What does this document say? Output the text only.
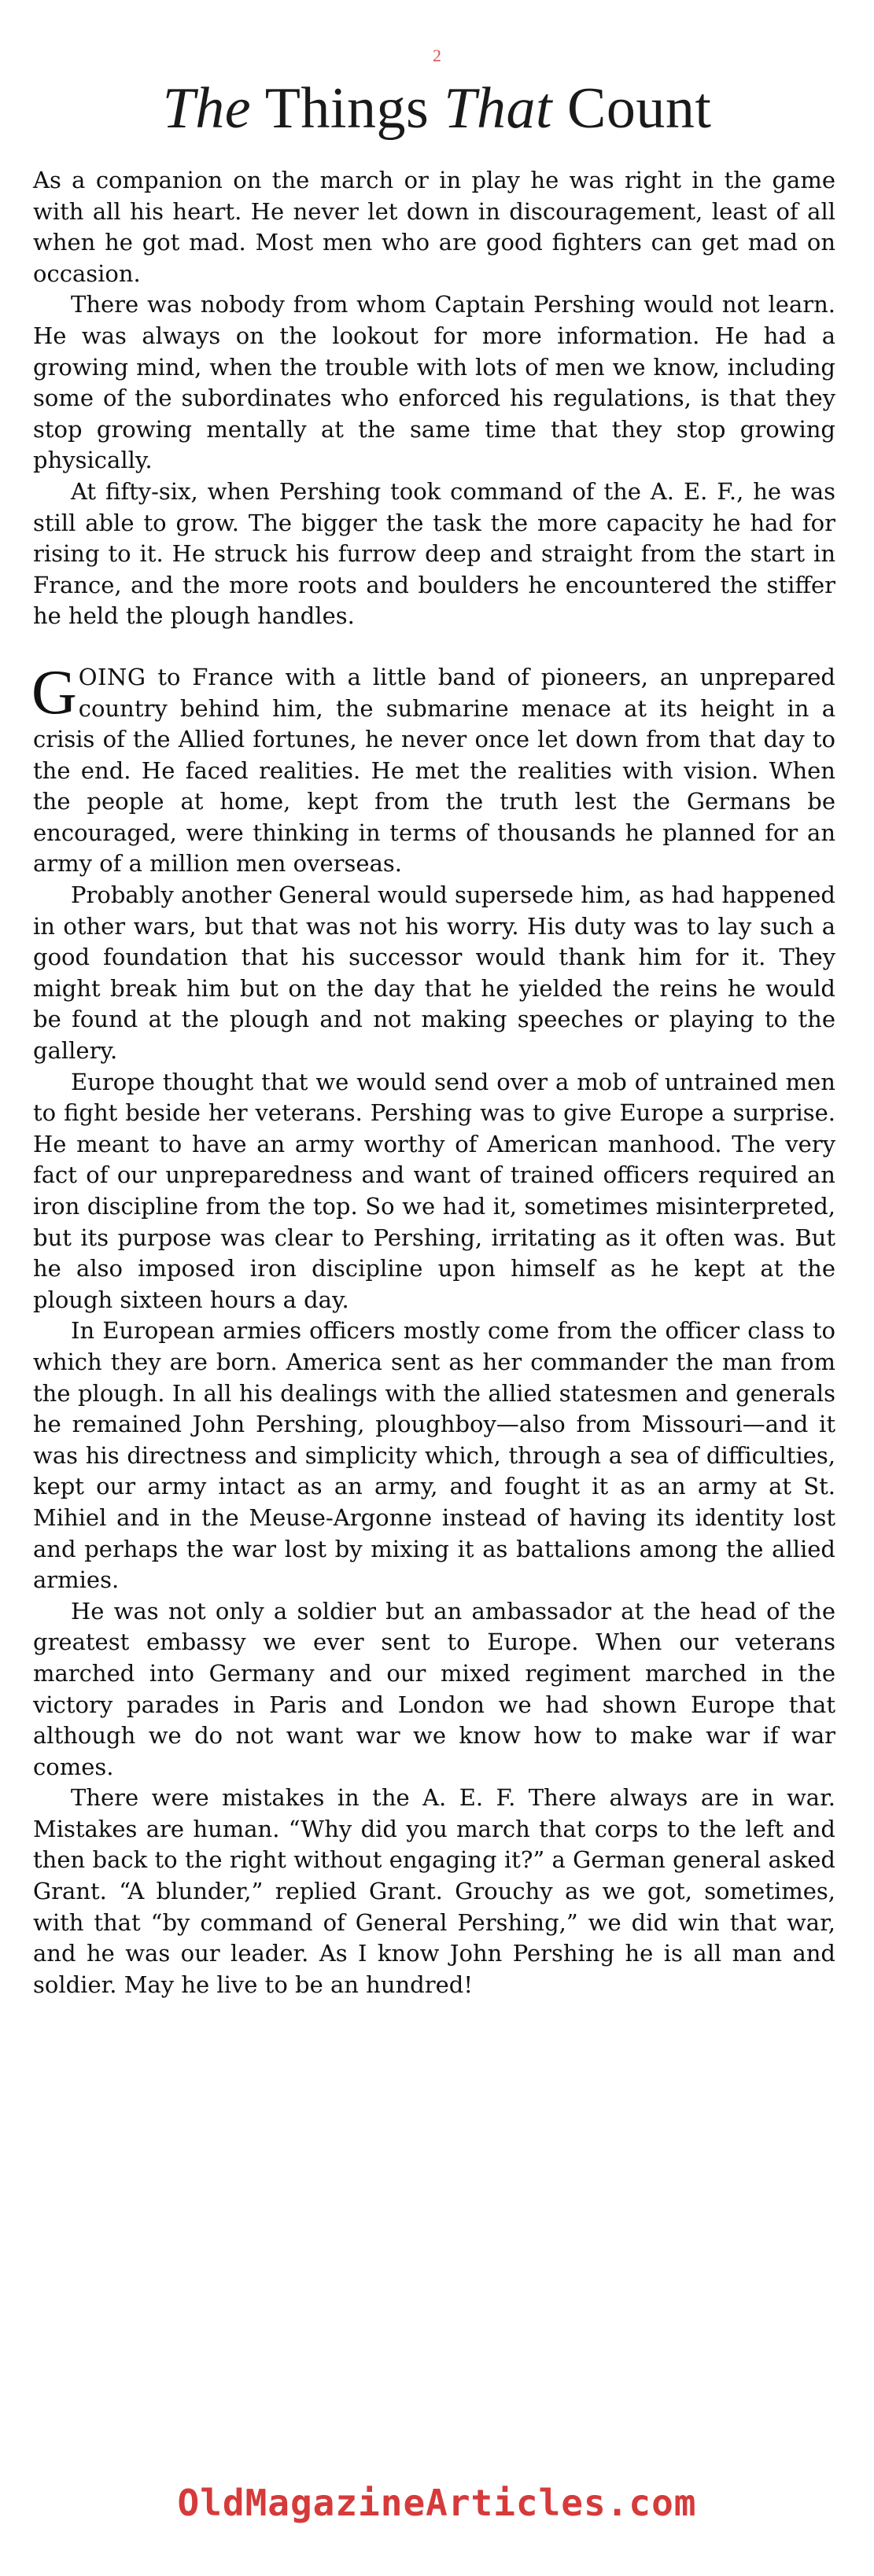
2
The Things That Count

As a companion on the march or in play he was right in the game with all his heart. He never let down in discouragement, least of all when he got mad. Most men who are good fighters can get mad on occasion.

There was nobody from whom Captain Pershing would not learn. He was always on the lookout for more information. He had a growing mind, when the trouble with lots of men we know, including some of the subordinates who enforced his regulations, is that they stop growing mentally at the same time that they stop growing physically.

At fifty-six, when Pershing took command of the A. E. F., he was still able to grow. The bigger the task the more capacity he had for rising to it. He struck his furrow deep and straight from the start in France, and the more roots and boulders he encountered the stiffer he held the plough handles.

GOING to France with a little band of pioneers, an unprepared country behind him, the submarine menace at its height in a crisis of the Allied fortunes, he never once let down from that day to the end. He faced realities. He met the realities with vision. When the people at home, kept from the truth lest the Germans be encouraged, were thinking in terms of thousands he planned for an army of a million men overseas.

Probably another General would supersede him, as had happened in other wars, but that was not his worry. His duty was to lay such a good foundation that his successor would thank him for it. They might break him but on the day that he yielded the reins he would be found at the plough and not making speeches or playing to the gallery.

Europe thought that we would send over a mob of untrained men to fight beside her veterans. Pershing was to give Europe a surprise. He meant to have an army worthy of American manhood. The very fact of our unpreparedness and want of trained officers required an iron discipline from the top. So we had it, sometimes misinterpreted, but its purpose was clear to Pershing, irritating as it often was. But he also imposed iron discipline upon himself as he kept at the plough sixteen hours a day.

In European armies officers mostly come from the officer class to which they are born. America sent as her commander the man from the plough. In all his dealings with the allied statesmen and generals he remained John Pershing, ploughboy—also from Missouri—and it was his directness and simplicity which, through a sea of difficulties, kept our army intact as an army, and fought it as an army at St. Mihiel and in the Meuse-Argonne instead of having its identity lost and perhaps the war lost by mixing it as battalions among the allied armies.

He was not only a soldier but an ambassador at the head of the greatest embassy we ever sent to Europe. When our veterans marched into Germany and our mixed regiment marched in the victory parades in Paris and London we had shown Europe that although we do not want war we know how to make war if war comes.

There were mistakes in the A. E. F. There always are in war. Mistakes are human. “Why did you march that corps to the left and then back to the right without engaging it?” a German general asked Grant. “A blunder,” replied Grant. Grouchy as we got, sometimes, with that “by command of General Pershing,” we did win that war, and he was our leader. As I know John Pershing he is all man and soldier. May he live to be an hundred!

OldMagazineArticles.com
